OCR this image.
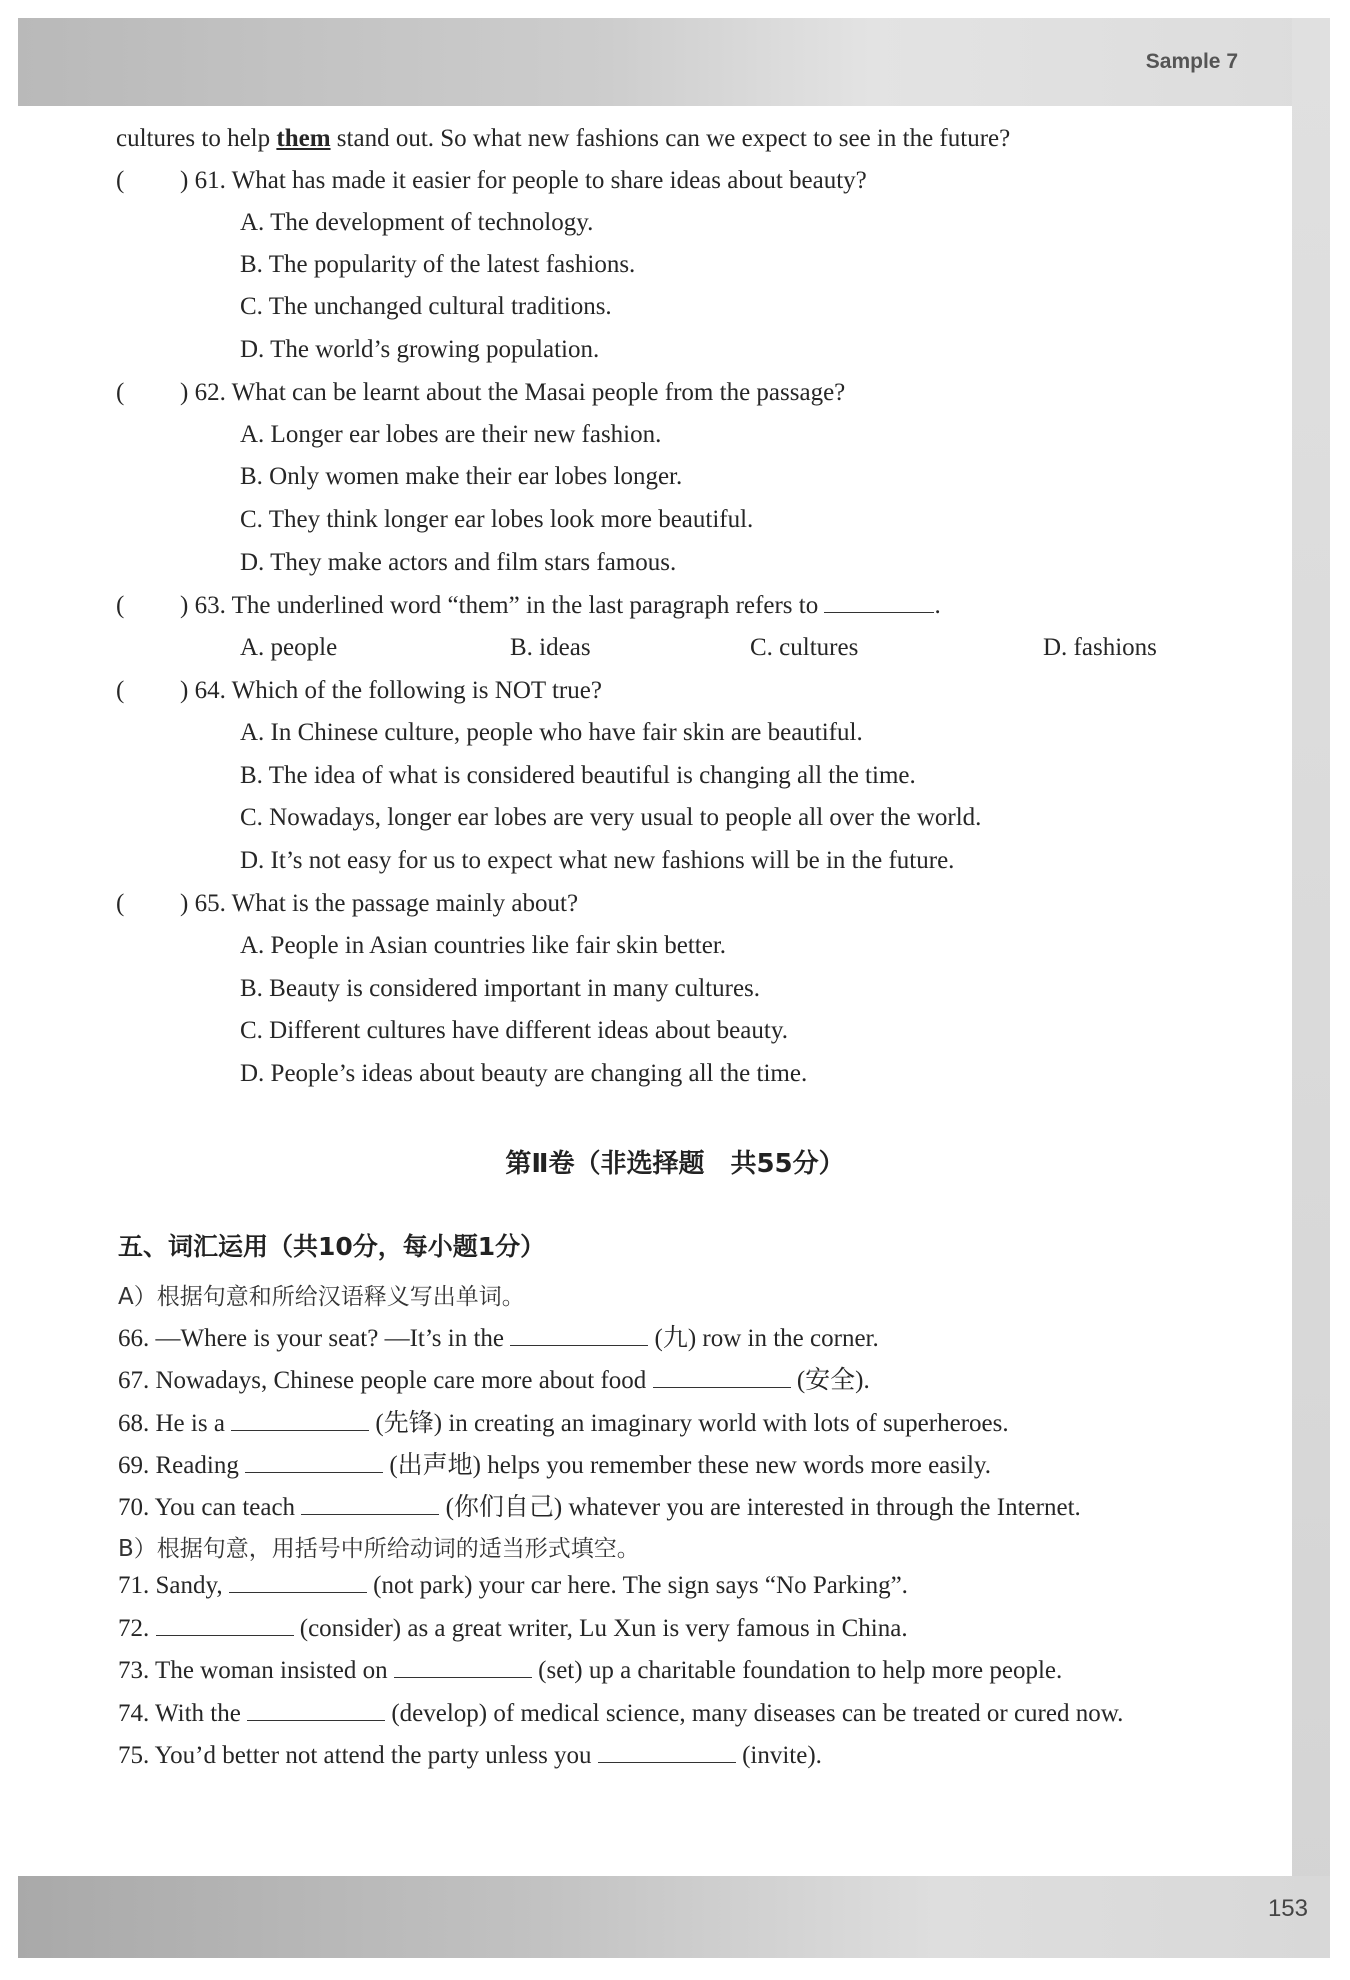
Sample 7
cultures to help them stand out. So what new fashions can we expect to see in the future?
( ) 61. What has made it easier for people to share ideas about beauty?
A. The development of technology.
B. The popularity of the latest fashions.
C. The unchanged cultural traditions.
D. The world’s growing population.
( ) 62. What can be learnt about the Masai people from the passage?
A. Longer ear lobes are their new fashion.
B. Only women make their ear lobes longer.
C. They think longer ear lobes look more beautiful.
D. They make actors and film stars famous.
( ) 63. The underlined word “them” in the last paragraph refers to	.
A. people	B. ideas	C. cultures	D. fashions
( ) 64. Which of the following is NOT true?
A. In Chinese culture, people who have fair skin are beautiful.
B. The idea of what is considered beautiful is changing all the time.
C. Nowadays, longer ear lobes are very usual to people all over the world.
D. It’s not easy for us to expect what new fashions will be in the future.
( ) 65. What is the passage mainly about?
A. People in Asian countries like fair skin better.
B. Beauty is considered important in many cultures.
C. Different cultures have different ideas about beauty.
D. People’s ideas about beauty are changing all the time.
第Ⅱ卷（非选择题　共55分）
五、词汇运用（共10分，每小题1分）
A）根据句意和所给汉语释义写出单词。
66. —Where is your seat? —It’s in the	(九) row in the corner.
67. Nowadays, Chinese people care more about food	(安全).
68. He is a	(先锋) in creating an imaginary world with lots of superheroes.
69. Reading	(出声地) helps you remember these new words more easily.
70. You can teach	(你们自己) whatever you are interested in through the Internet.
B）根据句意，用括号中所给动词的适当形式填空。
71. Sandy,	(not park) your car here. The sign says “No Parking”.
72.	(consider) as a great writer, Lu Xun is very famous in China.
73. The woman insisted on	(set) up a charitable foundation to help more people.
74. With the	(develop) of medical science, many diseases can be treated or cured now.
75. You’d better not attend the party unless you	(invite).
153
